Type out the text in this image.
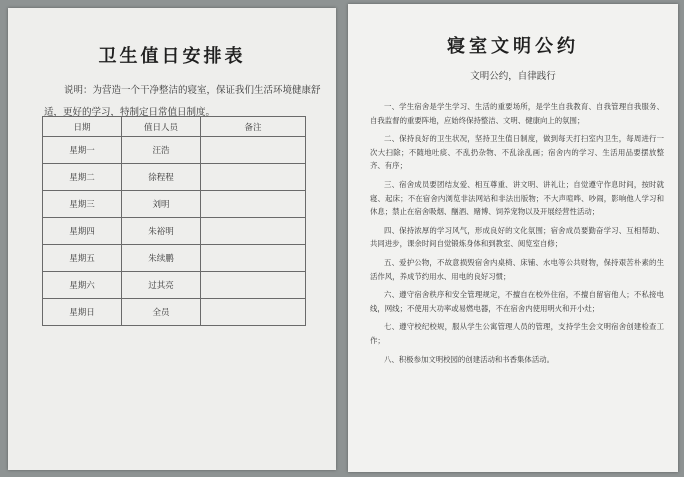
卫生值日安排表
说明：为营造一个干净整洁的寝室，保证我们生活环境健康舒适，更好的学习，特制定日常值日制度。
日期	值日人员	备注
星期一	汪浩	
星期二	徐程程	
星期三	刘明	
星期四	朱裕明	
星期五	朱续鹏	
星期六	过其亮	
星期日	全员	
寝室文明公约
文明公约，自律践行

一、学生宿舍是学生学习、生活的重要场所，是学生自我教育、自我管理自我服务、自我监督的重要阵地，应始终保持整洁、文明、健康向上的氛围；

二、保持良好的卫生状况，坚持卫生值日制度，做到每天打扫室内卫生，每周进行一次大扫除；不随地吐痰、不乱扔杂物、不乱涂乱画；宿舍内的学习、生活用品要摆放整齐、有序；

三、宿舍成员要团结友爱、相互尊重、讲文明、讲礼让；自觉遵守作息时间，按时就寝、起床；不在宿舍内浏览非法网站和非法出版物；不大声喧哗、吵闹，影响他人学习和休息；禁止在宿舍吸烟、酗酒、赌博、饲养宠物以及开展经营性活动；

四、保持浓厚的学习风气，形成良好的文化氛围；宿舍成员要勤奋学习、互相帮助、共同进步，课余时间自觉锻炼身体和到教室、阅览室自修；

五、爱护公物，不故意损毁宿舍内桌椅、床铺、水电等公共财物，保持艰苦朴素的生活作风，养成节约用水、用电的良好习惯；

六、遵守宿舍秩序和安全管理规定，不擅自在校外住宿，不擅自留宿他人；不私接电线，网线；不使用大功率或易燃电器，不在宿舍内使用明火和开小灶；

七、遵守校纪校规，服从学生公寓管理人员的管理，支持学生会文明宿舍创建检查工作；

八、积极参加文明校园的创建活动和书香集体活动。
